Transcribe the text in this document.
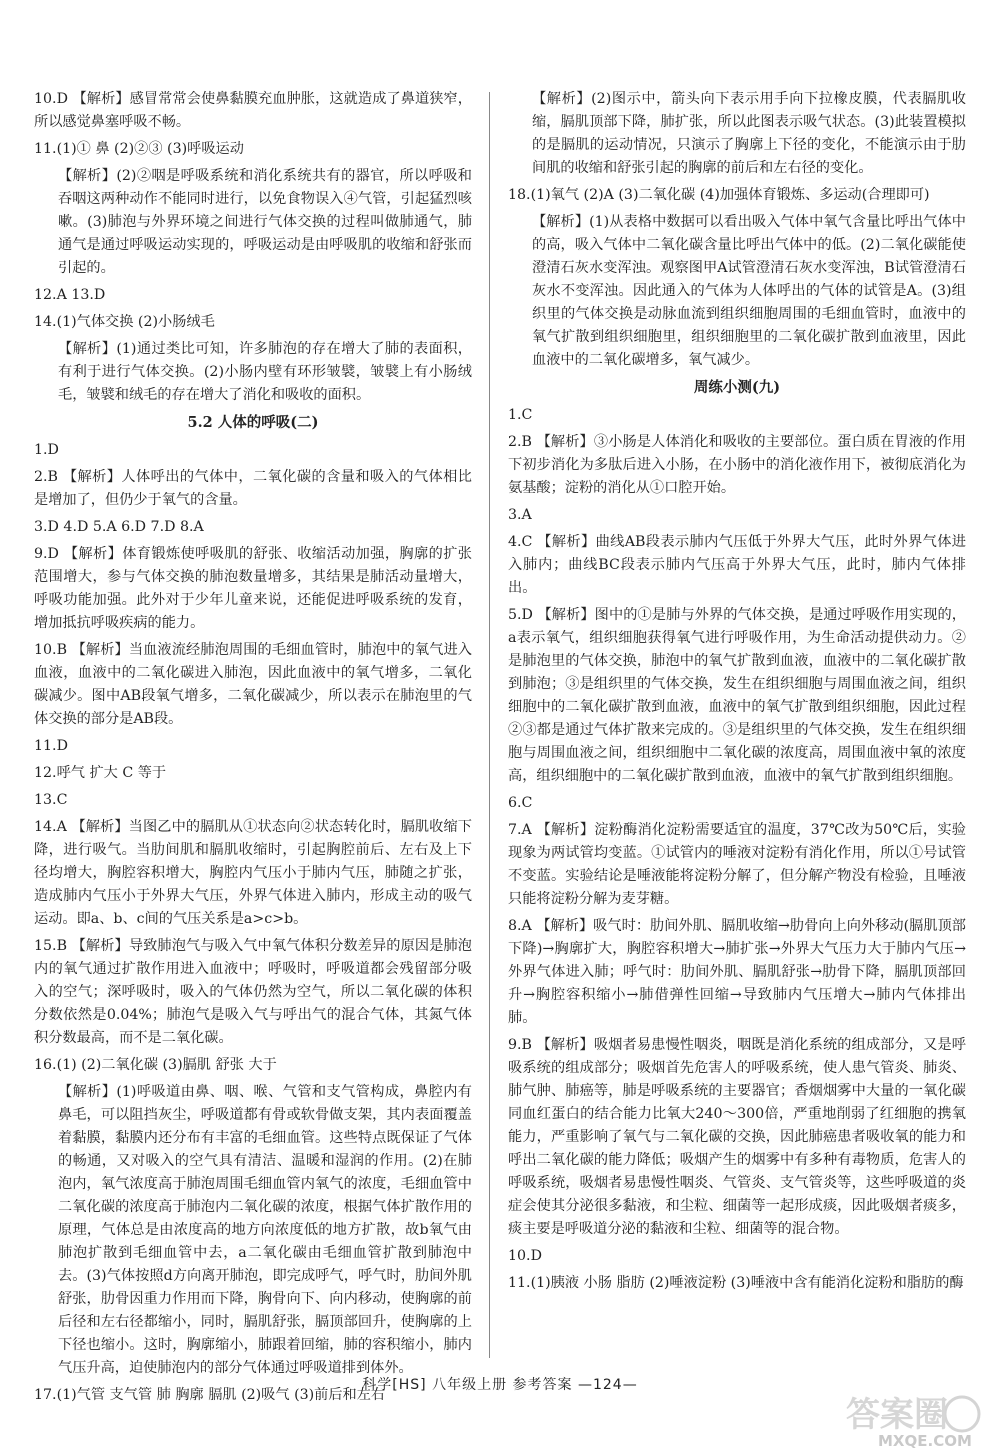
10.D 【解析】感冒常常会使鼻黏膜充血肿胀，这就造成了鼻道狭窄，所以感觉鼻塞呼吸不畅。
11.(1)① 鼻 (2)②③ (3)呼吸运动
【解析】(2)②咽是呼吸系统和消化系统共有的器官，所以呼吸和吞咽这两种动作不能同时进行，以免食物误入④气管，引起猛烈咳嗽。(3)肺泡与外界环境之间进行气体交换的过程叫做肺通气，肺通气是通过呼吸运动实现的，呼吸运动是由呼吸肌的收缩和舒张而引起的。
12.A 13.D
14.(1)气体交换 (2)小肠绒毛
【解析】(1)通过类比可知，许多肺泡的存在增大了肺的表面积，有利于进行气体交换。(2)小肠内壁有环形皱襞，皱襞上有小肠绒毛，皱襞和绒毛的存在增大了消化和吸收的面积。
5.2 人体的呼吸(二)
1.D
2.B 【解析】人体呼出的气体中，二氧化碳的含量和吸入的气体相比是增加了，但仍少于氧气的含量。
3.D 4.D 5.A 6.D 7.D 8.A
9.D 【解析】体育锻炼使呼吸肌的舒张、收缩活动加强，胸廓的扩张范围增大，参与气体交换的肺泡数量增多，其结果是肺活动量增大，呼吸功能加强。此外对于少年儿童来说，还能促进呼吸系统的发育，增加抵抗呼吸疾病的能力。
10.B 【解析】当血液流经肺泡周围的毛细血管时，肺泡中的氧气进入血液，血液中的二氧化碳进入肺泡，因此血液中的氧气增多，二氧化碳减少。图中AB段氧气增多，二氧化碳减少，所以表示在肺泡里的气体交换的部分是AB段。
11.D
12.呼气 扩大 C 等于
13.C
14.A 【解析】当图乙中的膈肌从①状态向②状态转化时，膈肌收缩下降，进行吸气。当肋间肌和膈肌收缩时，引起胸腔前后、左右及上下径均增大，胸腔容积增大，胸腔内气压小于肺内气压，肺随之扩张，造成肺内气压小于外界大气压，外界气体进入肺内，形成主动的吸气运动。即a、b、c间的气压关系是a>c>b。
15.B 【解析】导致肺泡气与吸入气中氧气体积分数差异的原因是肺泡内的氧气通过扩散作用进入血液中；呼吸时，呼吸道都会残留部分吸入的空气；深呼吸时，吸入的气体仍然为空气，所以二氧化碳的体积分数依然是0.04%；肺泡气是吸入气与呼出气的混合气体，其氮气体积分数最高，而不是二氧化碳。
16.(1) (2)二氧化碳 (3)膈肌 舒张 大于
【解析】(1)呼吸道由鼻、咽、喉、气管和支气管构成，鼻腔内有鼻毛，可以阻挡灰尘，呼吸道都有骨或软骨做支架，其内表面覆盖着黏膜，黏膜内还分布有丰富的毛细血管。这些特点既保证了气体的畅通，又对吸入的空气具有清洁、温暖和湿润的作用。(2)在肺泡内，氧气浓度高于肺泡周围毛细血管内氧气的浓度，毛细血管中二氧化碳的浓度高于肺泡内二氧化碳的浓度，根据气体扩散作用的原理，气体总是由浓度高的地方向浓度低的地方扩散，故b氧气由肺泡扩散到毛细血管中去，a二氧化碳由毛细血管扩散到肺泡中去。(3)气体按照d方向离开肺泡，即完成呼气，呼气时，肋间外肌舒张，肋骨因重力作用而下降，胸骨向下、向内移动，使胸廓的前后径和左右径都缩小，同时，膈肌舒张，膈顶部回升，使胸廓的上下径也缩小。这时，胸廓缩小，肺跟着回缩，肺的容积缩小，肺内气压升高，迫使肺泡内的部分气体通过呼吸道排到体外。
17.(1)气管 支气管 肺 胸廓 膈肌 (2)吸气 (3)前后和左右
【解析】(2)图示中，箭头向下表示用手向下拉橡皮膜，代表膈肌收缩，膈肌顶部下降，肺扩张，所以此图表示吸气状态。(3)此装置模拟的是膈肌的运动情况，只演示了胸廓上下径的变化，不能演示由于肋间肌的收缩和舒张引起的胸廓的前后和左右径的变化。
18.(1)氧气 (2)A (3)二氧化碳 (4)加强体育锻炼、多运动(合理即可)
【解析】(1)从表格中数据可以看出吸入气体中氧气含量比呼出气体中的高，吸入气体中二氧化碳含量比呼出气体中的低。(2)二氧化碳能使澄清石灰水变浑浊。观察图甲A试管澄清石灰水变浑浊，B试管澄清石灰水不变浑浊。因此通入的气体为人体呼出的气体的试管是A。(3)组织里的气体交换是动脉血流到组织细胞周围的毛细血管时，血液中的氧气扩散到组织细胞里，组织细胞里的二氧化碳扩散到血液里，因此血液中的二氧化碳增多，氧气减少。
周练小测(九)
1.C
2.B 【解析】③小肠是人体消化和吸收的主要部位。蛋白质在胃液的作用下初步消化为多肽后进入小肠，在小肠中的消化液作用下，被彻底消化为氨基酸；淀粉的消化从①口腔开始。
3.A
4.C 【解析】曲线AB段表示肺内气压低于外界大气压，此时外界气体进入肺内；曲线BC段表示肺内气压高于外界大气压，此时，肺内气体排出。
5.D 【解析】图中的①是肺与外界的气体交换，是通过呼吸作用实现的，a表示氧气，组织细胞获得氧气进行呼吸作用，为生命活动提供动力。②是肺泡里的气体交换，肺泡中的氧气扩散到血液，血液中的二氧化碳扩散到肺泡；③是组织里的气体交换，发生在组织细胞与周围血液之间，组织细胞中的二氧化碳扩散到血液，血液中的氧气扩散到组织细胞，因此过程②③都是通过气体扩散来完成的。③是组织里的气体交换，发生在组织细胞与周围血液之间，组织细胞中二氧化碳的浓度高，周围血液中氧的浓度高，组织细胞中的二氧化碳扩散到血液，血液中的氧气扩散到组织细胞。
6.C
7.A 【解析】淀粉酶消化淀粉需要适宜的温度，37℃改为50℃后，实验现象为两试管均变蓝。①试管内的唾液对淀粉有消化作用，所以①号试管不变蓝。实验结论是唾液能将淀粉分解了，但分解产物没有检验，且唾液只能将淀粉分解为麦芽糖。
8.A 【解析】吸气时：肋间外肌、膈肌收缩→肋骨向上向外移动(膈肌顶部下降)→胸廓扩大，胸腔容积增大→肺扩张→外界大气压力大于肺内气压→外界气体进入肺；呼气时：肋间外肌、膈肌舒张→肋骨下降，膈肌顶部回升→胸腔容积缩小→肺借弹性回缩→导致肺内气压增大→肺内气体排出肺。
9.B 【解析】吸烟者易患慢性咽炎，咽既是消化系统的组成部分，又是呼吸系统的组成部分；吸烟首先危害人的呼吸系统，使人患气管炎、肺炎、肺气肿、肺癌等，肺是呼吸系统的主要器官；香烟烟雾中大量的一氧化碳同血红蛋白的结合能力比氧大240～300倍，严重地削弱了红细胞的携氧能力，严重影响了氧气与二氧化碳的交换，因此肺癌患者吸收氧的能力和呼出二氧化碳的能力降低；吸烟产生的烟雾中有多种有毒物质，危害人的呼吸系统，吸烟者易患慢性咽炎、气管炎、支气管炎等，这些呼吸道的炎症会使其分泌很多黏液，和尘粒、细菌等一起形成痰，因此吸烟者痰多，痰主要是呼吸道分泌的黏液和尘粒、细菌等的混合物。
10.D
11.(1)胰液 小肠 脂肪 (2)唾液淀粉 (3)唾液中含有能消化淀粉和脂肪的酶
科学[HS] 八年级上册 参考答案 —124—
答案圈
MXQE.COM
